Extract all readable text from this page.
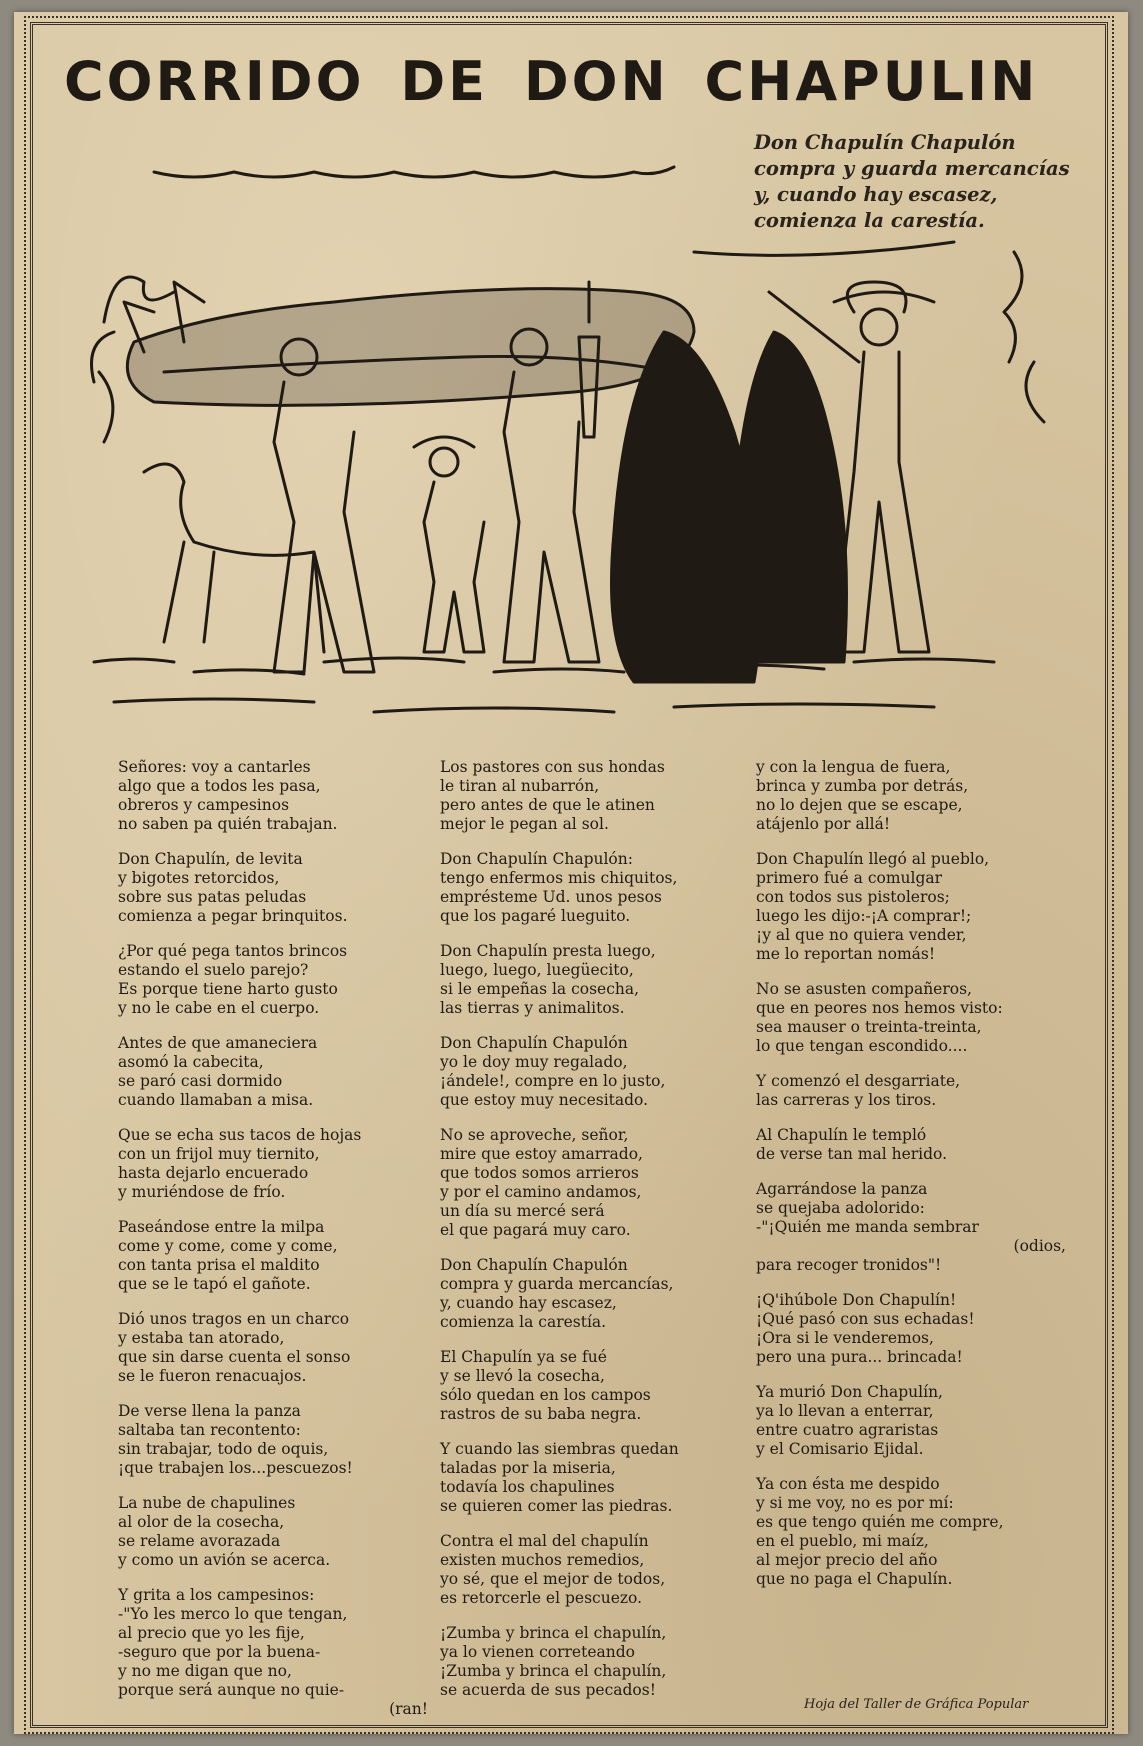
CORRIDO DE DON CHAPULIN
Don Chapulín Chapulón
compra y guarda mercancías
y, cuando hay escasez,
comienza la carestía.
Señores: voy a cantarles
algo que a todos les pasa,
obreros y campesinos
no saben pa quién trabajan.
Don Chapulín, de levita
y bigotes retorcidos,
sobre sus patas peludas
comienza a pegar brinquitos.
¿Por qué pega tantos brincos
estando el suelo parejo?
Es porque tiene harto gusto
y no le cabe en el cuerpo.
Antes de que amaneciera
asomó la cabecita,
se paró casi dormido
cuando llamaban a misa.
Que se echa sus tacos de hojas
con un frijol muy tiernito,
hasta dejarlo encuerado
y muriéndose de frío.
Paseándose entre la milpa
come y come, come y come,
con tanta prisa el maldito
que se le tapó el gañote.
Dió unos tragos en un charco
y estaba tan atorado,
que sin darse cuenta el sonso
se le fueron renacuajos.
De verse llena la panza
saltaba tan recontento:
sin trabajar, todo de oquis,
¡que trabajen los...pescuezos!
La nube de chapulines
al olor de la cosecha,
se relame avorazada
y como un avión se acerca.
Y grita a los campesinos:
-"Yo les merco lo que tengan,
al precio que yo les fije,
-seguro que por la buena-
y no me digan que no,
porque será aunque no quie-
(ran!
Los pastores con sus hondas
le tiran al nubarrón,
pero antes de que le atinen
mejor le pegan al sol.
Don Chapulín Chapulón:
tengo enfermos mis chiquitos,
emprésteme Ud. unos pesos
que los pagaré lueguito.
Don Chapulín presta luego,
luego, luego, luegüecito,
si le empeñas la cosecha,
las tierras y animalitos.
Don Chapulín Chapulón
yo le doy muy regalado,
¡ándele!, compre en lo justo,
que estoy muy necesitado.
No se aproveche, señor,
mire que estoy amarrado,
que todos somos arrieros
y por el camino andamos,
un día su mercé será
el que pagará muy caro.
Don Chapulín Chapulón
compra y guarda mercancías,
y, cuando hay escasez,
comienza la carestía.
El Chapulín ya se fué
y se llevó la cosecha,
sólo quedan en los campos
rastros de su baba negra.
Y cuando las siembras quedan
taladas por la miseria,
todavía los chapulines
se quieren comer las piedras.
Contra el mal del chapulín
existen muchos remedios,
yo sé, que el mejor de todos,
es retorcerle el pescuezo.
¡Zumba y brinca el chapulín,
ya lo vienen correteando
¡Zumba y brinca el chapulín,
se acuerda de sus pecados!
y con la lengua de fuera,
brinca y zumba por detrás,
no lo dejen que se escape,
atájenlo por allá!
Don Chapulín llegó al pueblo,
primero fué a comulgar
con todos sus pistoleros;
luego les dijo:-¡A comprar!;
¡y al que no quiera vender,
me lo reportan nomás!
No se asusten compañeros,
que en peores nos hemos visto:
sea mauser o treinta-treinta,
lo que tengan escondido....
Y comenzó el desgarriate,
las carreras y los tiros.
Al Chapulín le templó
de verse tan mal herido.
Agarrándose la panza
se quejaba adolorido:
-"¡Quién me manda sembrar
(odios,
para recoger tronidos"!
¡Q'ihúbole Don Chapulín!
¡Qué pasó con sus echadas!
¡Ora si le venderemos,
pero una pura... brincada!
Ya murió Don Chapulín,
ya lo llevan a enterrar,
entre cuatro agraristas
y el Comisario Ejidal.
Ya con ésta me despido
y si me voy, no es por mí:
es que tengo quién me compre,
en el pueblo, mi maíz,
al mejor precio del año
que no paga el Chapulín.
Hoja del Taller de Gráfica Popular
